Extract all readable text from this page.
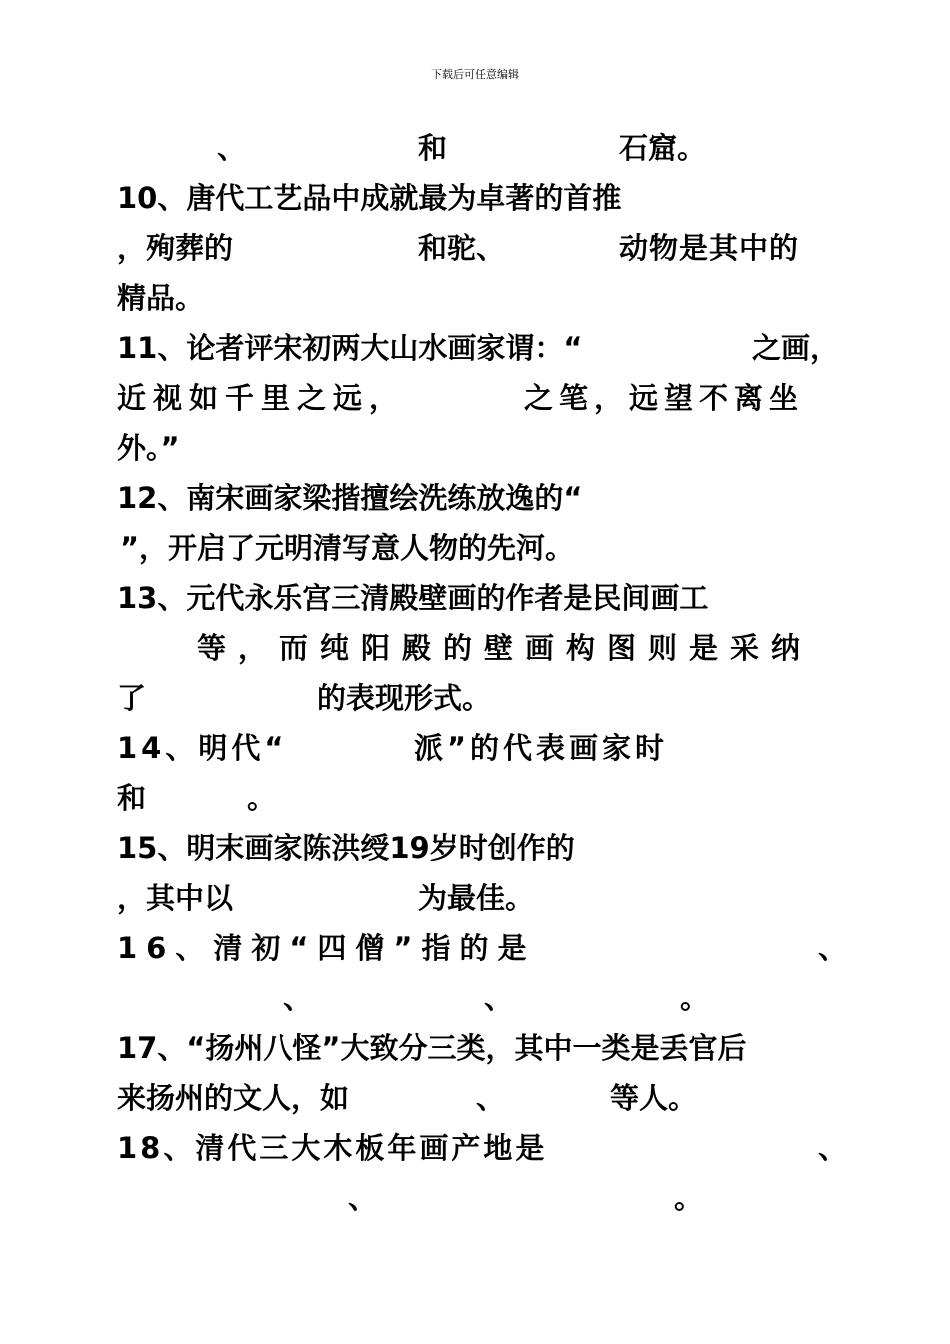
下载后可任意编辑
、	和	石窟。
10、唐代工艺品中成就最为卓著的首推
，殉葬的	和驼、	动物是其中的
精品。
11、论者评宋初两大山水画家谓：“	之画，
近视如千里之远，	之笔，远望不离坐
外。”
12、南宋画家梁揩擅绘洗练放逸的“
”，开启了元明清写意人物的先河。
13、元代永乐宫三清殿壁画的作者是民间画工
等，而纯阳殿的壁画构图则是采纳
了	的表现形式。
14、明代“	派”的代表画家时
和	。
15、明末画家陈洪绶19岁时创作的
，其中以	为最佳。
16、清初“四僧”指的是	、
、	、	。
17、“扬州八怪”大致分三类，其中一类是丢官后
来扬州的文人，如	、	等人。
18、清代三大木板年画产地是	、
、	。
